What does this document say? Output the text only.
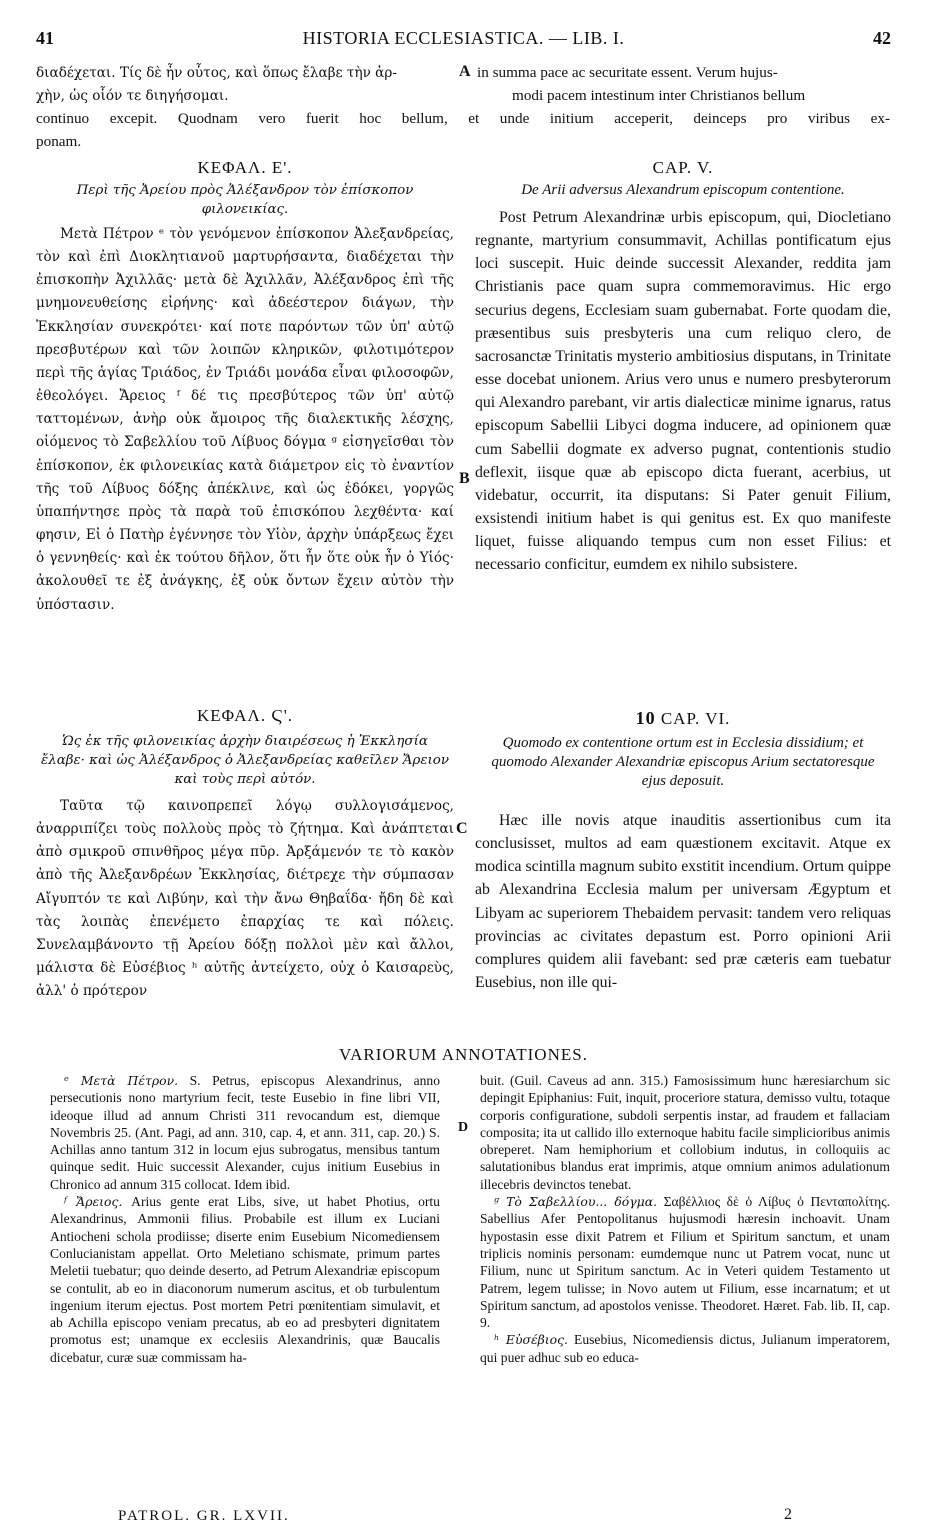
41	HISTORIA ECCLESIASTICA. — LIB. I.	42
διαδέχεται. Τίς δὲ ἦν οὗτος, καὶ ὅπως ἔλαβε τὴν ἀρ-
χὴν, ὡς οἷόν τε διηγήσομαι.
A in summa pace ac securitate essent. Verum hujus-
modi pacem intestinum inter Christianos bellum
continuo excepit. Quodnam vero fuerit hoc bellum, et unde initium acceperit, deinceps pro viribus ex-
ponam.
ΚΕΦΑΛ. Ε'.
Περὶ τῆς Ἀρείου πρὸς Ἀλέξανδρον τὸν ἐπίσκοπον φιλονεικίας.

Μετὰ Πέτρον ᵉ τὸν γενόμενον ἐπίσκοπον Ἀλεξανδρείας, τὸν καὶ ἐπὶ Διοκλητιανοῦ μαρτυρήσαντα, διαδέχεται τὴν ἐπισκοπὴν Ἀχιλλᾶς· μετὰ δὲ Ἀχιλλᾶν, Ἀλέξανδρος ἐπὶ τῆς μνημονευθείσης εἰρήνης· καὶ ἀδεέστερον διάγων, τὴν Ἐκκλησίαν συνεκρότει· καί ποτε παρόντων τῶν ὑπ' αὐτῷ πρεσβυτέρων καὶ τῶν λοιπῶν κληρικῶν, φιλοτιμότερον περὶ τῆς ἁγίας Τριάδος, ἐν Τριάδι μονάδα εἶναι φιλοσοφῶν, ἐθεολόγει. Ἄρειος ᶠ δέ τις πρεσβύτερος τῶν ὑπ' αὐτῷ ταττομένων, ἀνὴρ οὐκ ἄμοιρος τῆς διαλεκτικῆς λέσχης, οἰόμενος τὸ Σαβελλίου τοῦ Λίβυος δόγμα ᵍ εἰσηγεῖσθαι τὸν ἐπίσκοπον, ἐκ φιλονεικίας κατὰ διάμετρον εἰς τὸ ἐναντίον τῆς τοῦ Λίβυος δόξης ἀπέκλινε, καὶ ὡς ἐδόκει, γοργῶς ὑπαπήντησε πρὸς τὰ παρὰ τοῦ ἐπισκόπου λεχθέντα· καί φησιν, Εἰ ὁ Πατὴρ ἐγέννησε τὸν Υἱὸν, ἀρχὴν ὑπάρξεως ἔχει ὁ γεννηθείς· καὶ ἐκ τούτου δῆλον, ὅτι ἦν ὅτε οὐκ ἦν ὁ Υἱός· ἀκολουθεῖ τε ἐξ ἀνάγκης, ἐξ οὐκ ὄντων ἔχειν αὐτὸν τὴν ὑπόστασιν.

CAP. V.
De Arii adversus Alexandrum episcopum contentione.

Post Petrum Alexandrinæ urbis episcopum, qui, Diocletiano regnante, martyrium consummavit, Achillas pontificatum ejus loci suscepit. Huic deinde successit Alexander, reddita jam Christianis pace quam supra commemoravimus. Hic ergo securius degens, Ecclesiam suam gubernabat. Forte quodam die, præsentibus suis presbyteris una cum reliquo clero, de sacrosanctæ Trinitatis mysterio ambitiosius disputans, in Trinitate esse docebat unionem. Arius vero unus e numero presbyterorum qui Alexandro parebant, vir artis dialecticæ minime ignarus, ratus episcopum Sabellii Libyci dogma inducere, ad opinionem quæ cum Sabellii dogmate ex adverso pugnat, contentionis studio deflexit, iisque quæ ab episcopo dicta fuerant, acerbius, ut videbatur, occurrit, ita disputans: Si Pater genuit Filium, exsistendi initium habet is qui genitus est. Ex quo manifeste liquet, fuisse aliquando tempus cum non esset Filius: et necessario conficitur, eumdem ex nihilo subsistere.

B
ΚΕΦΑΛ. Ϛ'.
Ὡς ἐκ τῆς φιλονεικίας ἀρχὴν διαιρέσεως ἡ Ἐκκλησία ἔλαβε· καὶ ὡς Ἀλέξανδρος ὁ Ἀλεξανδρείας καθεῖλεν Ἄρειον καὶ τοὺς περὶ αὐτόν.

Ταῦτα τῷ καινοπρεπεῖ λόγῳ συλλογισάμενος, ἀναρριπίζει τοὺς πολλοὺς πρὸς τὸ ζήτημα. Καὶ ἀνάπτεται ἀπὸ σμικροῦ σπινθῆρος μέγα πῦρ. Ἀρξάμενόν τε τὸ κακὸν ἀπὸ τῆς Ἀλεξανδρέων Ἐκκλησίας, διέτρεχε τὴν σύμπασαν Αἴγυπτόν τε καὶ Λιβύην, καὶ τὴν ἄνω Θηβαΐδα· ἤδη δὲ καὶ τὰς λοιπὰς ἐπενέμετο ἐπαρχίας τε καὶ πόλεις. Συνελαμβάνοντο τῇ Ἀρείου δόξῃ πολλοὶ μὲν καὶ ἄλλοι, μάλιστα δὲ Εὐσέβιος ʰ αὐτῆς ἀντείχετο, οὐχ ὁ Καισαρεὺς, ἀλλ' ὁ πρότερον

10 CAP. VI.
Quomodo ex contentione ortum est in Ecclesia dissidium; et quomodo Alexander Alexandriæ episcopus Arium sectatoresque ejus deposuit.

Hæc ille novis atque inauditis assertionibus cum ita conclusisset, multos ad eam quæstionem excitavit. Atque ex modica scintilla magnum subito exstitit incendium. Ortum quippe ab Alexandrina Ecclesia malum per universam Ægyptum et Libyam ac superiorem Thebaidem pervasit: tandem vero reliquas provincias ac civitates depastum est. Porro opinioni Arii complures quidem alii favebant: sed præ cæteris eam tuebatur Eusebius, non ille qui-

C
VARIORUM ANNOTATIONES.

ᵉ Μετὰ Πέτρον. S. Petrus, episcopus Alexandrinus, anno persecutionis nono martyrium fecit, teste Eusebio in fine libri VII, ideoque illud ad annum Christi 311 revocandum est, diemque Novembris 25. (Ant. Pagi, ad ann. 310, cap. 4, et ann. 311, cap. 20.) S. Achillas anno tantum 312 in locum ejus subrogatus, mensibus tantum quinque sedit. Huic successit Alexander, cujus initium Eusebius in Chronico ad annum 315 collocat. Idem ibid.

ᶠ Ἄρειος. Arius gente erat Libs, sive, ut habet Photius, ortu Alexandrinus, Ammonii filius. Probabile est illum ex Luciani Antiocheni schola prodiisse; diserte enim Eusebium Nicomediensem Conlucianistam appellat. Orto Meletiano schismate, primum partes Meletii tuebatur; quo deinde deserto, ad Petrum Alexandriæ episcopum se contulit, ab eo in diaconorum numerum ascitus, et ob turbulentum ingenium iterum ejectus. Post mortem Petri pœnitentiam simulavit, et ab Achilla episcopo veniam precatus, ab eo ad presbyteri dignitatem promotus est; unamque ex ecclesiis Alexandrinis, quæ Baucalis dicebatur, curæ suæ commissam ha-

buit. (Guil. Caveus ad ann. 315.) Famosissimum hunc hæresiarchum sic depingit Epiphanius: Fuit, inquit, proceriore statura, demisso vultu, totaque corporis configuratione, subdoli serpentis instar, ad fraudem et fallaciam composita; ita ut callido illo externoque habitu facile simplicioribus animis obreperet. Nam hemiphorium et collobium indutus, in colloquiis ac salutationibus blandus erat imprimis, atque omnium animos adulationum illecebris devinctos tenebat.

ᵍ Τὸ Σαβελλίου... δόγμα. Σαβέλλιος δὲ ὁ Λίβυς ὁ Πενταπολίτης. Sabellius Afer Pentopolitanus hujusmodi hæresin inchoavit. Unam hypostasin esse dixit Patrem et Filium et Spiritum sanctum, et unam triplicis nominis personam: eumdemque nunc ut Patrem vocat, nunc ut Filium, nunc ut Spiritum sanctum. Ac in Veteri quidem Testamento ut Patrem, legem tulisse; in Novo autem ut Filium, esse incarnatum; et ut Spiritum sanctum, ad apostolos venisse. Theodoret. Hæret. Fab. lib. II, cap. 9.

ʰ Εὐσέβιος. Eusebius, Nicomediensis dictus, Julianum imperatorem, qui puer adhuc sub eo educa-

D
PATROL. GR. LXVII.	2
